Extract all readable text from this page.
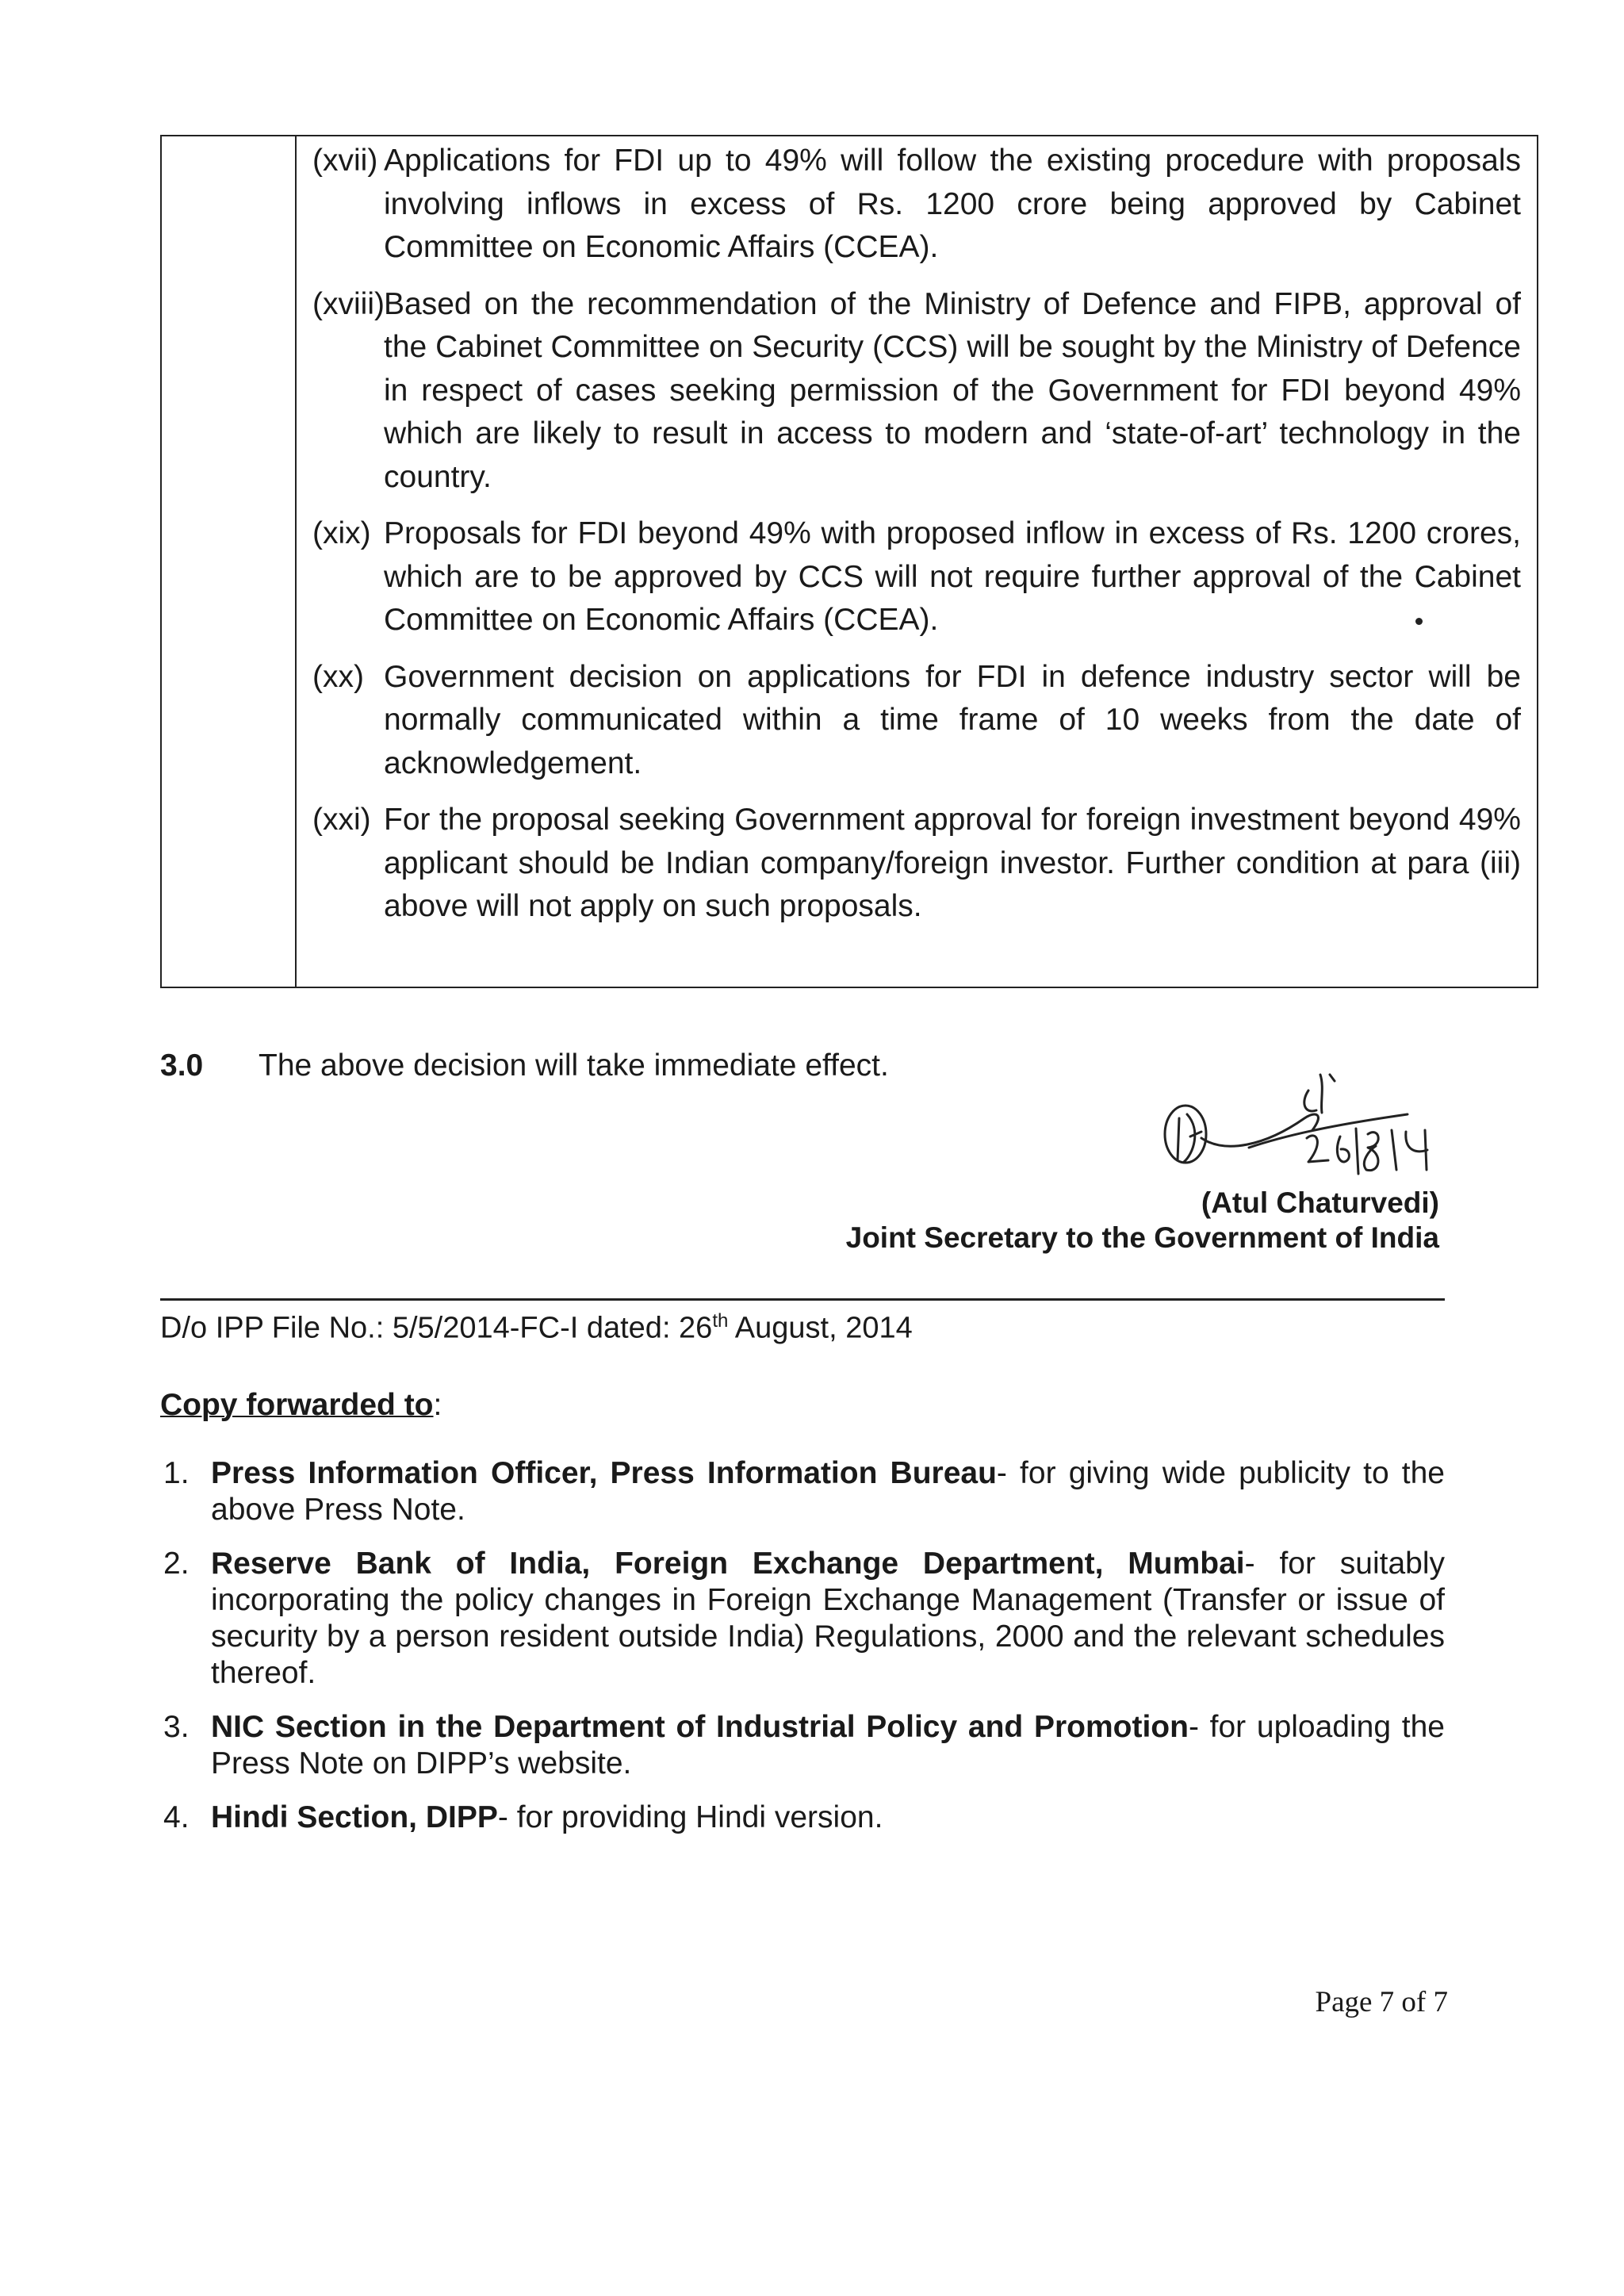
(xvii) Applications for FDI up to 49% will follow the existing procedure with proposals involving inflows in excess of Rs. 1200 crore being approved by Cabinet Committee on Economic Affairs (CCEA).
(xviii) Based on the recommendation of the Ministry of Defence and FIPB, approval of the Cabinet Committee on Security (CCS) will be sought by the Ministry of Defence in respect of cases seeking permission of the Government for FDI beyond 49% which are likely to result in access to modern and ‘state-of-art’ technology in the country.
(xix) Proposals for FDI beyond 49% with proposed inflow in excess of Rs. 1200 crores, which are to be approved by CCS will not require further approval of the Cabinet Committee on Economic Affairs (CCEA).
(xx) Government decision on applications for FDI in defence industry sector will be normally communicated within a time frame of 10 weeks from the date of acknowledgement.
(xxi) For the proposal seeking Government approval for foreign investment beyond 49% applicant should be Indian company/foreign investor. Further condition at para (iii) above will not apply on such proposals.
3.0 The above decision will take immediate effect.
26/8/14
(Atul Chaturvedi)
Joint Secretary to the Government of India
D/o IPP File No.: 5/5/2014-FC-I dated: 26th August, 2014
Copy forwarded to:
1. Press Information Officer, Press Information Bureau- for giving wide publicity to the above Press Note.
2. Reserve Bank of India, Foreign Exchange Department, Mumbai- for suitably incorporating the policy changes in Foreign Exchange Management (Transfer or issue of security by a person resident outside India) Regulations, 2000 and the relevant schedules thereof.
3. NIC Section in the Department of Industrial Policy and Promotion- for uploading the Press Note on DIPP’s website.
4. Hindi Section, DIPP- for providing Hindi version.
Page 7 of 7
